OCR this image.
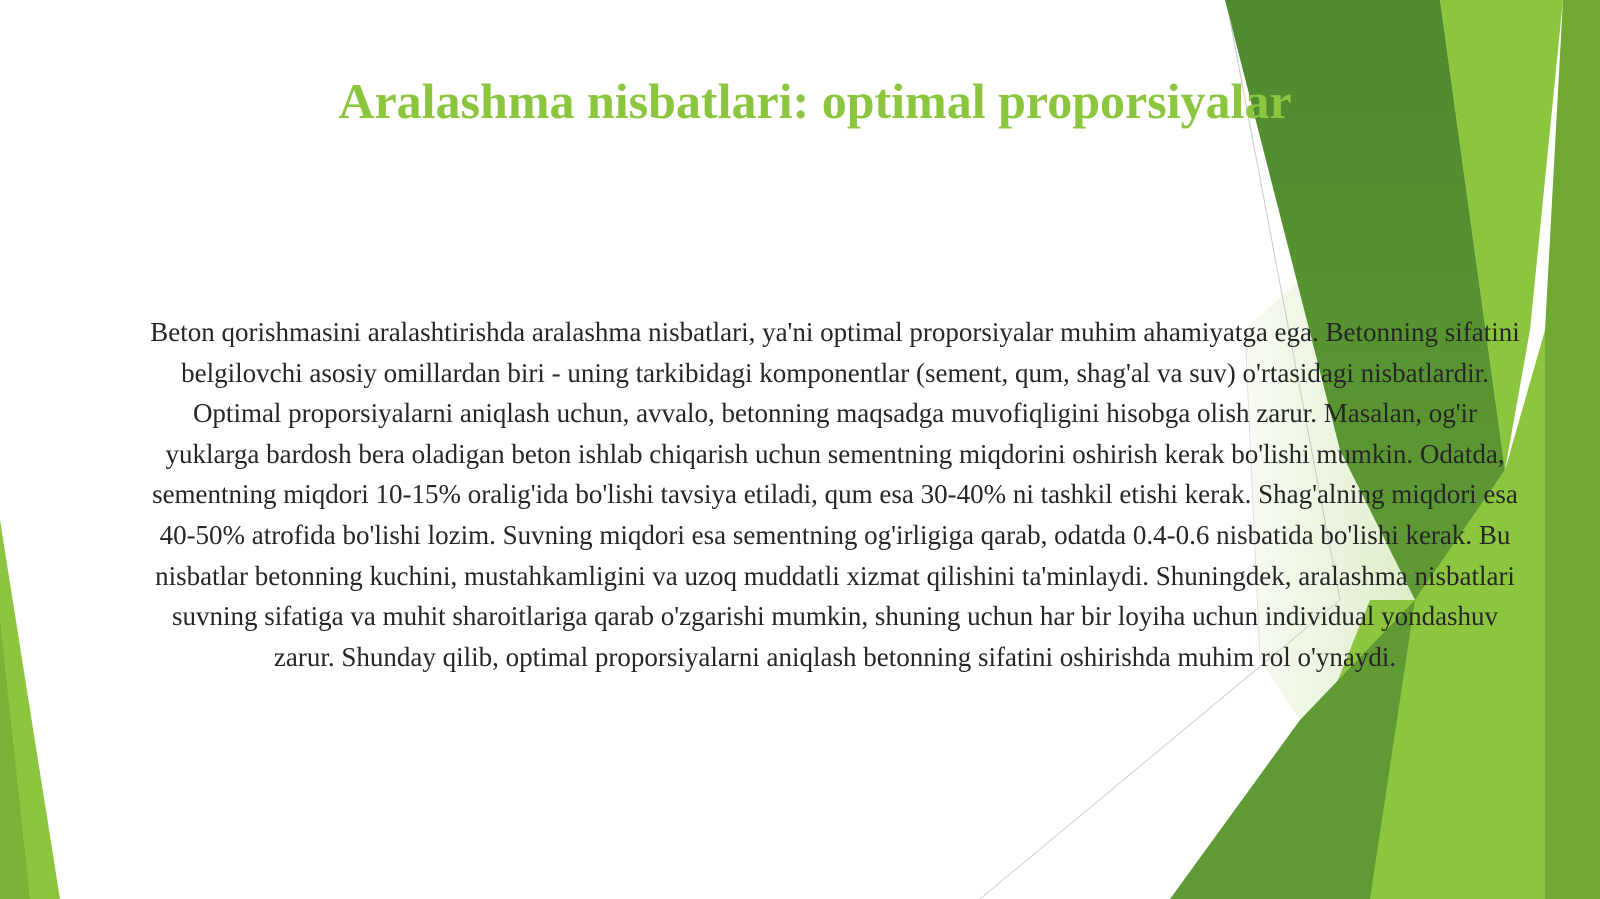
Aralashma nisbatlari: optimal proporsiyalar

Beton qorishmasini aralashtirishda aralashma nisbatlari, ya'ni optimal proporsiyalar muhim ahamiyatga ega. Betonning sifatini belgilovchi asosiy omillardan biri - uning tarkibidagi komponentlar (sement, qum, shag'al va suv) o'rtasidagi nisbatlardir. Optimal proporsiyalarni aniqlash uchun, avvalo, betonning maqsadga muvofiqligini hisobga olish zarur. Masalan, og'ir yuklarga bardosh bera oladigan beton ishlab chiqarish uchun sementning miqdorini oshirish kerak bo'lishi mumkin. Odatda, sementning miqdori 10-15% oralig'ida bo'lishi tavsiya etiladi, qum esa 30-40% ni tashkil etishi kerak. Shag'alning miqdori esa 40-50% atrofida bo'lishi lozim. Suvning miqdori esa sementning og'irligiga qarab, odatda 0.4-0.6 nisbatida bo'lishi kerak. Bu nisbatlar betonning kuchini, mustahkamligini va uzoq muddatli xizmat qilishini ta'minlaydi. Shuningdek, aralashma nisbatlari suvning sifatiga va muhit sharoitlariga qarab o'zgarishi mumkin, shuning uchun har bir loyiha uchun individual yondashuv zarur. Shunday qilib, optimal proporsiyalarni aniqlash betonning sifatini oshirishda muhim rol o'ynaydi.
